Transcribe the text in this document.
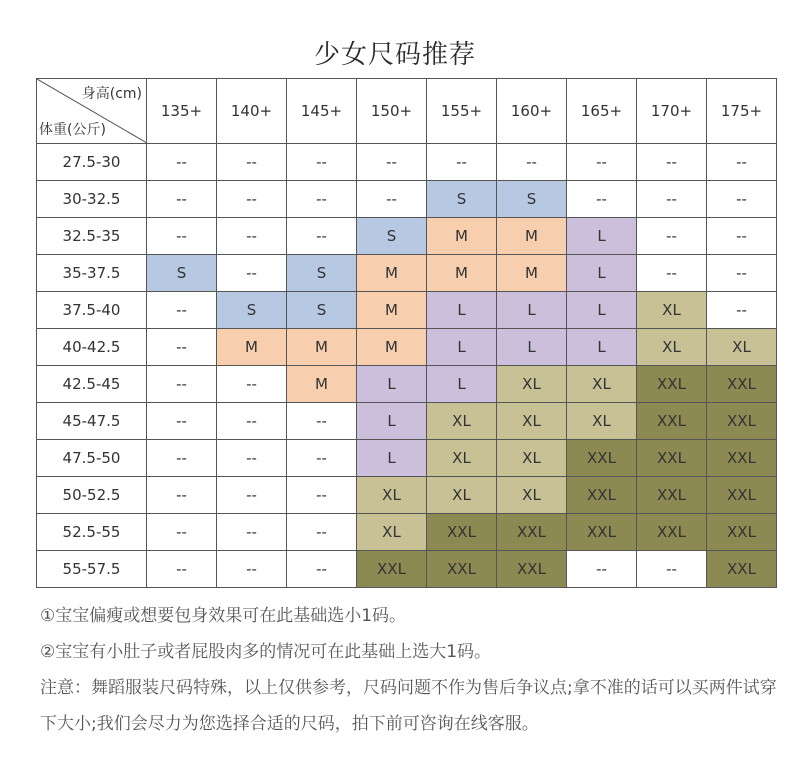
少女尺码推荐
身高(cm)
体重(公斤)	135+	140+	145+	150+	155+	160+	165+	170+	175+
27.5-30	--	--	--	--	--	--	--	--	--
30-32.5	--	--	--	--	S	S	--	--	--
32.5-35	--	--	--	S	M	M	L	--	--
35-37.5	S	--	S	M	M	M	L	--	--
37.5-40	--	S	S	M	L	L	L	XL	--
40-42.5	--	M	M	M	L	L	L	XL	XL
42.5-45	--	--	M	L	L	XL	XL	XXL	XXL
45-47.5	--	--	--	L	XL	XL	XL	XXL	XXL
47.5-50	--	--	--	L	XL	XL	XXL	XXL	XXL
50-52.5	--	--	--	XL	XL	XL	XXL	XXL	XXL
52.5-55	--	--	--	XL	XXL	XXL	XXL	XXL	XXL
55-57.5	--	--	--	XXL	XXL	XXL	--	--	XXL

①宝宝偏瘦或想要包身效果可在此基础选小1码。

②宝宝有小肚子或者屁股肉多的情况可在此基础上选大1码。

注意：舞蹈服装尺码特殊，以上仅供参考，尺码问题不作为售后争议点;拿不准的话可以买两件试穿下大小;我们会尽力为您选择合适的尺码，拍下前可咨询在线客服。
